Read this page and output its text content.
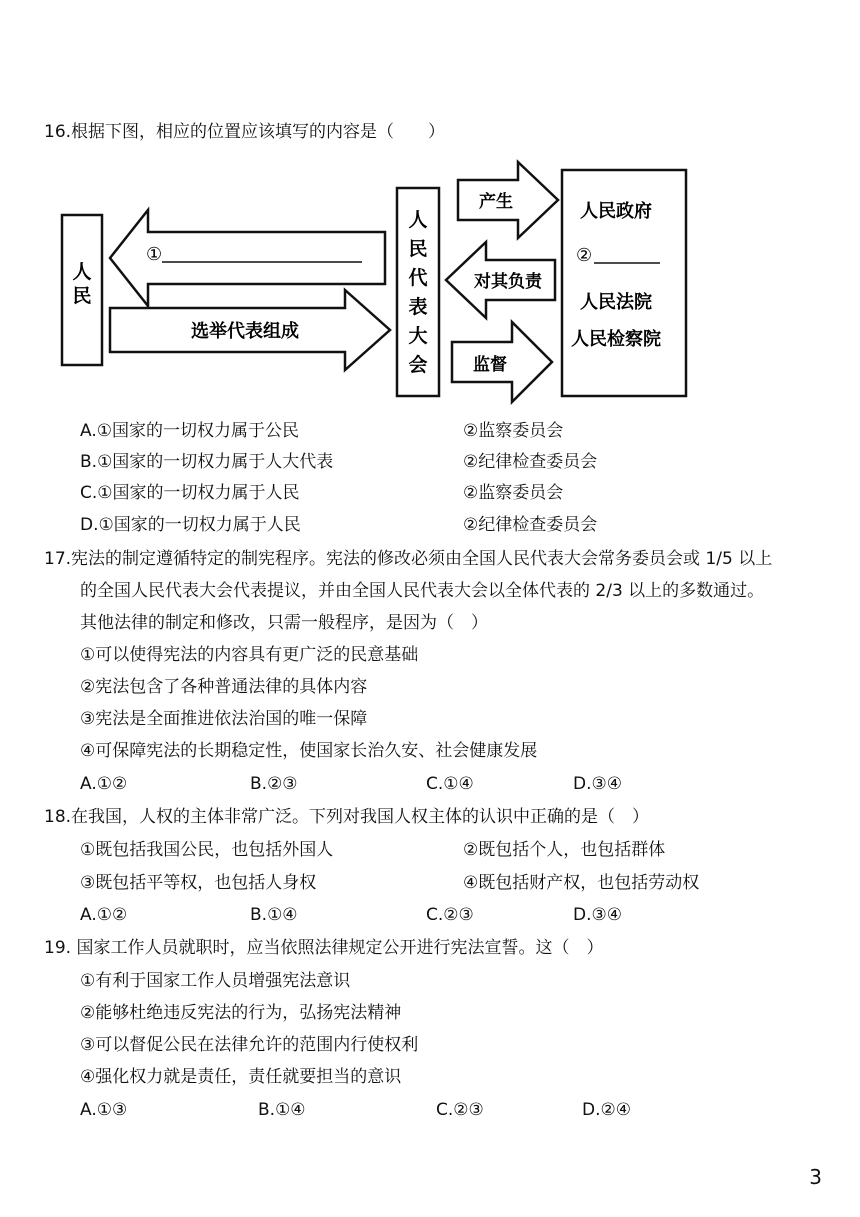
16.根据下图，相应的位置应该填写的内容是（　　）
人
民
①
选举代表组成
产生
对其负责
监督
人民政府
②
人民法院
人民检察院
人
民
代
表
大
会
A.①国家的一切权力属于公民	②监察委员会
B.①国家的一切权力属于人大代表	②纪律检查委员会
C.①国家的一切权力属于人民	②监察委员会
D.①国家的一切权力属于人民	②纪律检查委员会
17.宪法的制定遵循特定的制宪程序。宪法的修改必须由全国人民代表大会常务委员会或 1/5 以上
的全国人民代表大会代表提议，并由全国人民代表大会以全体代表的 2/3 以上的多数通过。
其他法律的制定和修改，只需一般程序，是因为（　）
①可以使得宪法的内容具有更广泛的民意基础
②宪法包含了各种普通法律的具体内容
③宪法是全面推进依法治国的唯一保障
④可保障宪法的长期稳定性，使国家长治久安、社会健康发展
A.①②	B.②③	C.①④	D.③④
18.在我国，人权的主体非常广泛。下列对我国人权主体的认识中正确的是（　）
①既包括我国公民，也包括外国人	②既包括个人，也包括群体
③既包括平等权，也包括人身权	④既包括财产权，也包括劳动权
A.①②	B.①④	C.②③	D.③④
19. 国家工作人员就职时，应当依照法律规定公开进行宪法宣誓。这（　）
①有利于国家工作人员增强宪法意识
②能够杜绝违反宪法的行为，弘扬宪法精神
③可以督促公民在法律允许的范围内行使权利
④强化权力就是责任，责任就要担当的意识
A.①③	B.①④	C.②③	D.②④
3
